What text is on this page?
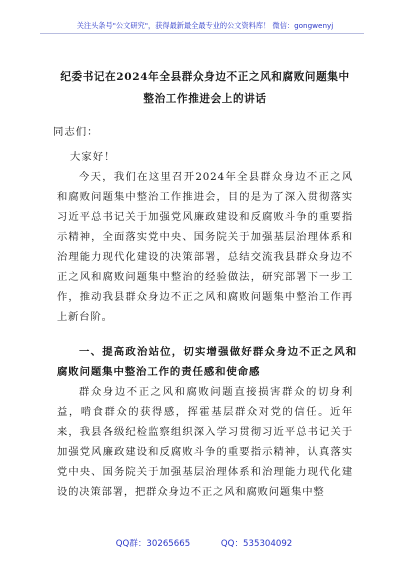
关注头条号"公文研究"，获得最新最全最专业的公文资料库！ 微信：gongwenyj
纪委书记在2024年全县群众身边不正之风和腐败问题集中
整治工作推进会上的讲话
同志们：
大家好！
今天，我们在这里召开2024年全县群众身边不正之风和腐败问题集中整治工作推进会，目的是为了深入贯彻落实习近平总书记关于加强党风廉政建设和反腐败斗争的重要指示精神，全面落实党中央、国务院关于加强基层治理体系和治理能力现代化建设的决策部署，总结交流我县群众身边不正之风和腐败问题集中整治的经验做法，研究部署下一步工作，推动我县群众身边不正之风和腐败问题集中整治工作再上新台阶。
一、提高政治站位，切实增强做好群众身边不正之风和腐败问题集中整治工作的责任感和使命感
群众身边不正之风和腐败问题直接损害群众的切身利益，啃食群众的获得感，挥霍基层群众对党的信任。近年来，我县各级纪检监察组织深入学习贯彻习近平总书记关于加强党风廉政建设和反腐败斗争的重要指示精神，认真落实党中央、国务院关于加强基层治理体系和治理能力现代化建设的决策部署，把群众身边不正之风和腐败问题集中整
QQ群：30265665	QQ：535304092
